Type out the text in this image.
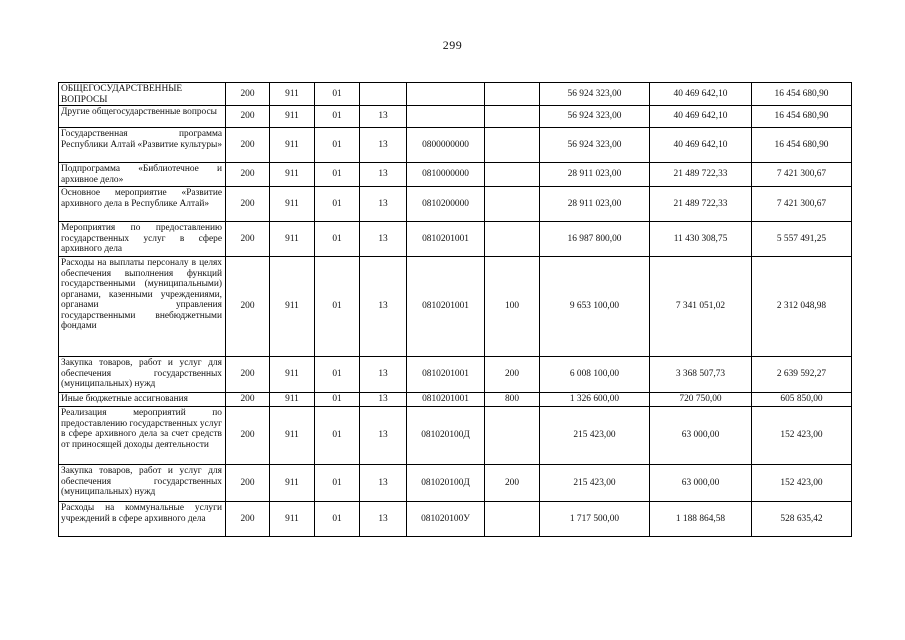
299
ОБЩЕГОСУДАРСТВЕННЫЕ ВОПРОСЫ	200	911	01				56 924 323,00	40 469 642,10	16 454 680,90
Другие общегосударственные вопросы	200	911	01	13			56 924 323,00	40 469 642,10	16 454 680,90
Государственная программа Республики Алтай «Развитие культуры»	200	911	01	13	0800000000		56 924 323,00	40 469 642,10	16 454 680,90
Подпрограмма «Библиотечное и архивное дело»	200	911	01	13	0810000000		28 911 023,00	21 489 722,33	7 421 300,67
Основное мероприятие «Развитие архивного дела в Республике Алтай»	200	911	01	13	0810200000		28 911 023,00	21 489 722,33	7 421 300,67
Мероприятия по предоставлению государственных услуг в сфере архивного дела	200	911	01	13	0810201001		16 987 800,00	11 430 308,75	5 557 491,25
Расходы на выплаты персоналу в целях обеспечения выполнения функций государственными (муниципальными) органами, казенными учреждениями, органами управления государственными внебюджетными фондами	200	911	01	13	0810201001	100	9 653 100,00	7 341 051,02	2 312 048,98
Закупка товаров, работ и услуг для обеспечения государственных (муниципальных) нужд	200	911	01	13	0810201001	200	6 008 100,00	3 368 507,73	2 639 592,27
Иные бюджетные ассигнования	200	911	01	13	0810201001	800	1 326 600,00	720 750,00	605 850,00
Реализация мероприятий по предоставлению государственных услуг в сфере архивного дела за счет средств от приносящей доходы деятельности	200	911	01	13	081020100Д		215 423,00	63 000,00	152 423,00
Закупка товаров, работ и услуг для обеспечения государственных (муниципальных) нужд	200	911	01	13	081020100Д	200	215 423,00	63 000,00	152 423,00
Расходы на коммунальные услуги учреждений в сфере архивного дела	200	911	01	13	081020100У		1 717 500,00	1 188 864,58	528 635,42
